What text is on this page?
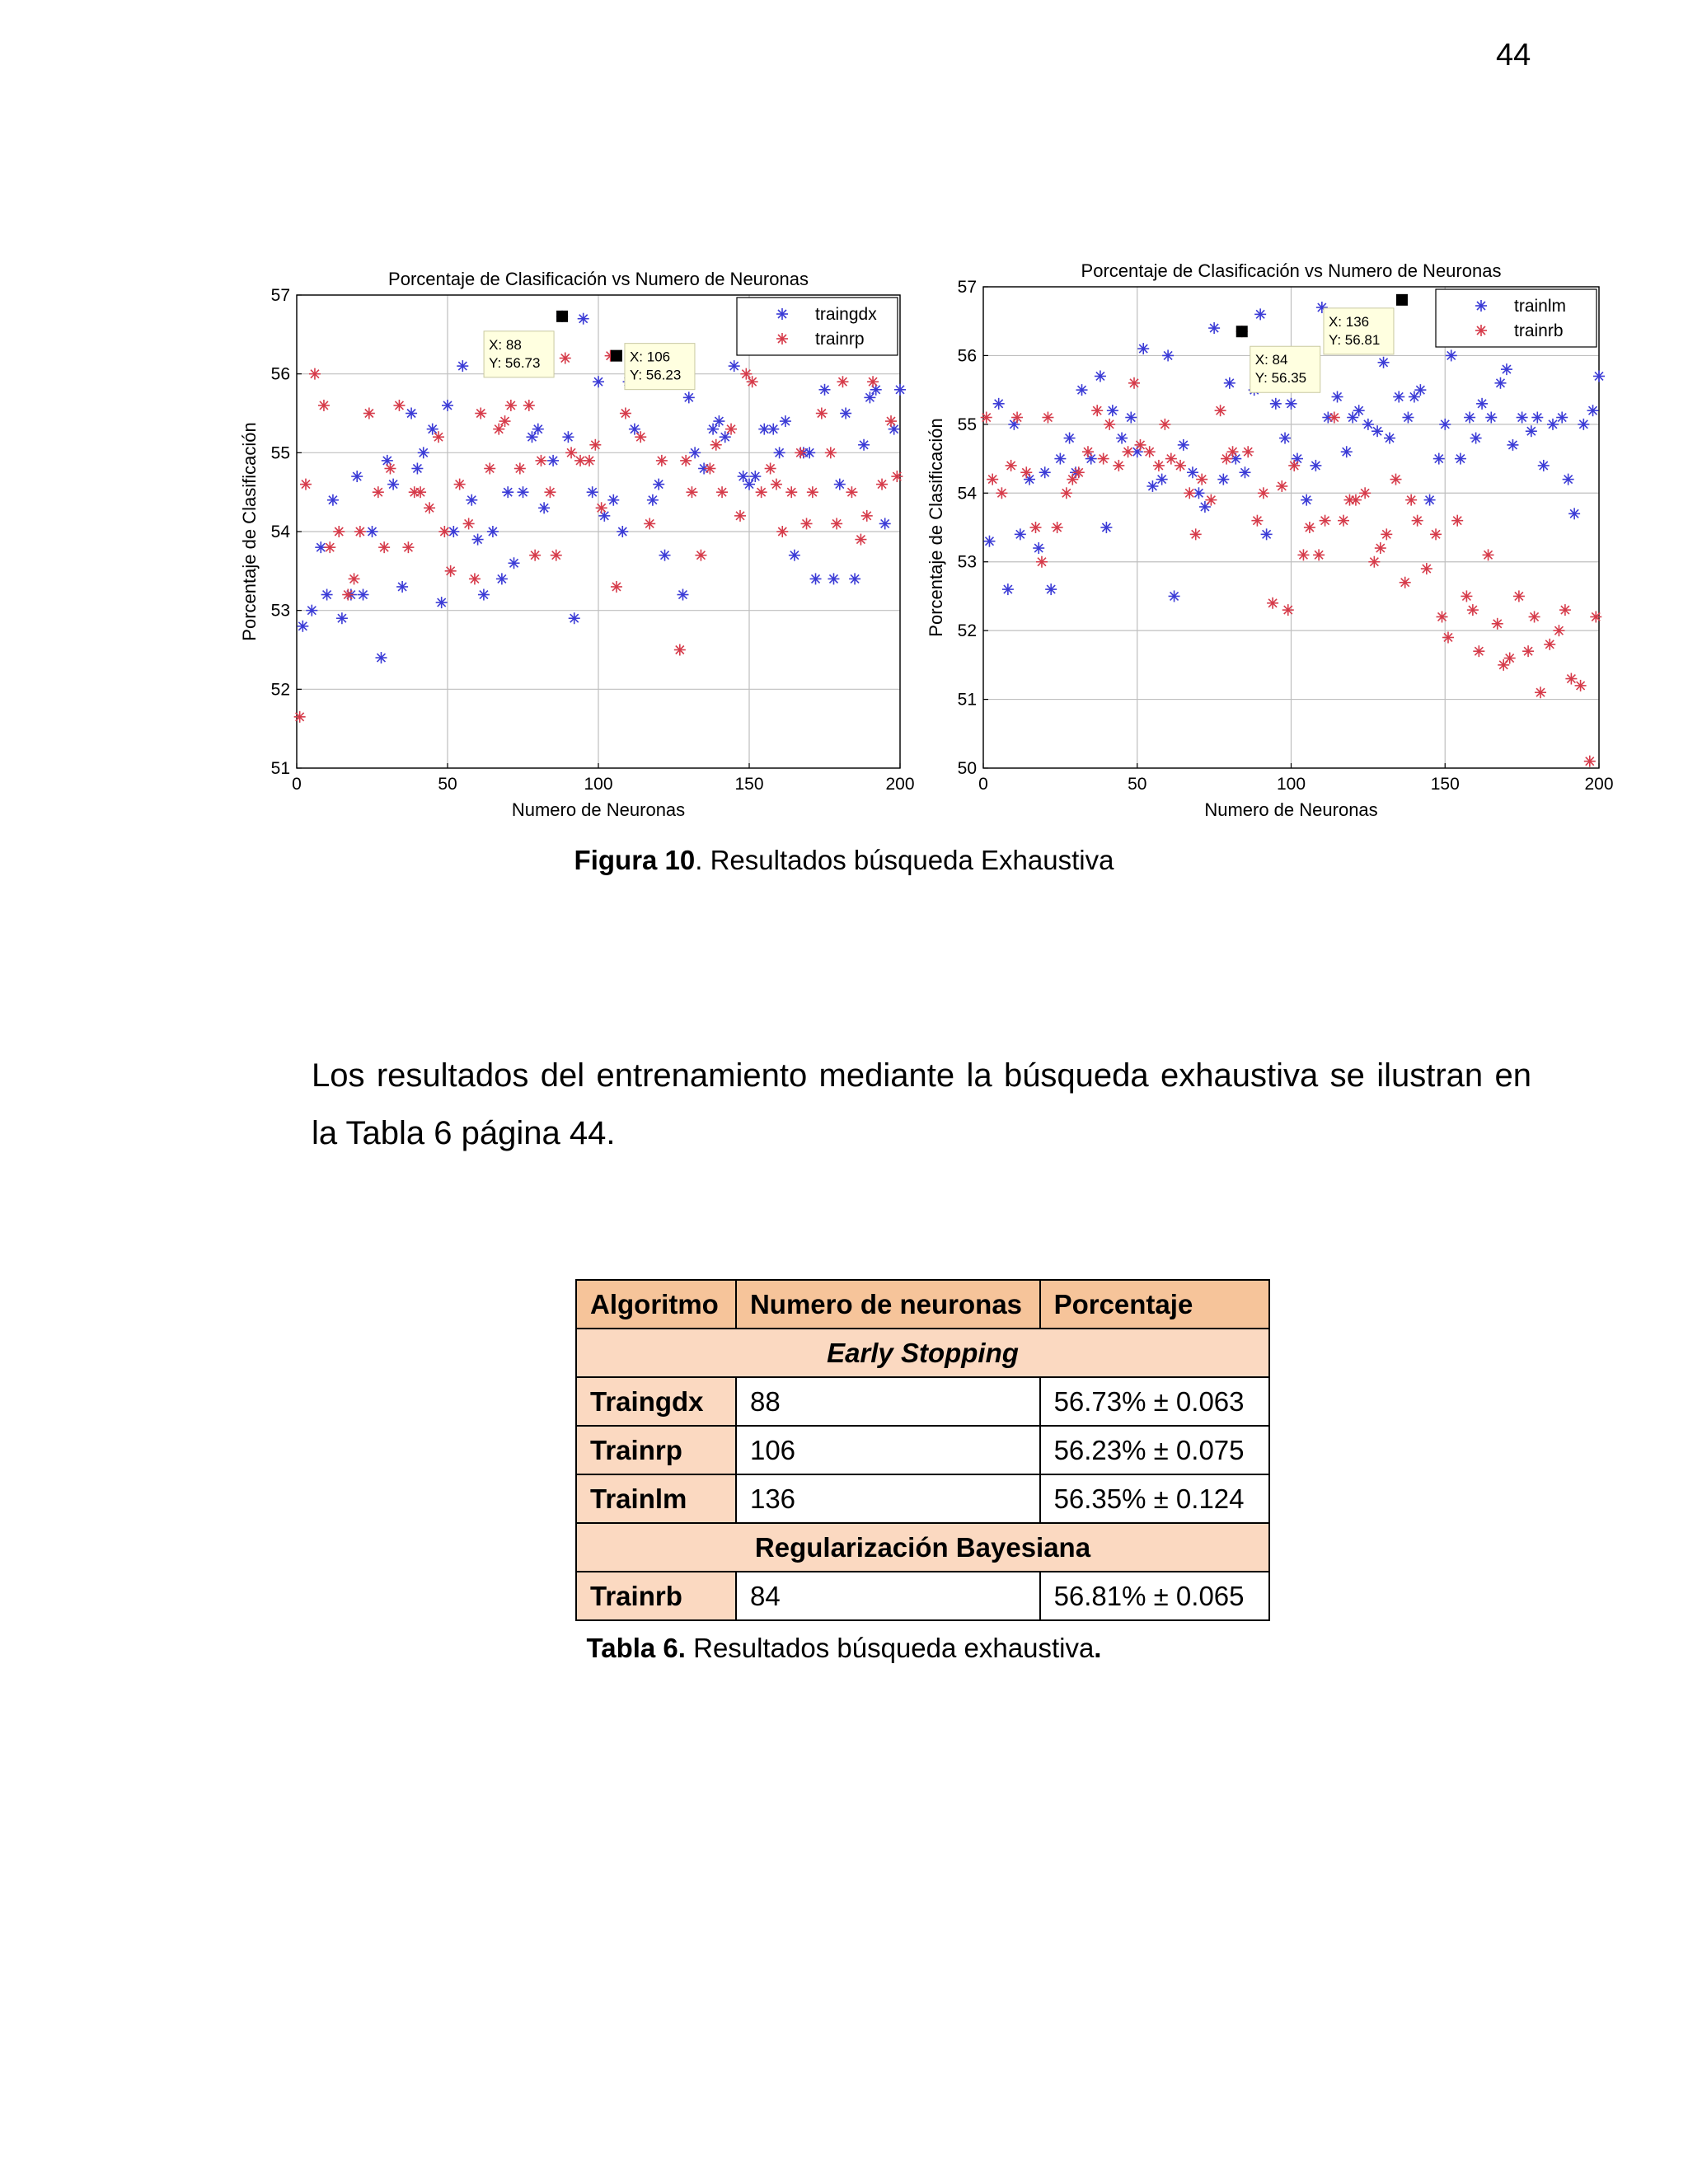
44
0	50	100	150	200
51
52
53
54
55
56
57
Porcentaje de Clasificación vs Numero de Neuronas
Numero de Neuronas
Porcentaje de Clasificación
X: 88
Y: 56.73	X: 106
Y: 56.23
traingdx
trainrp
0	50	100	150	200
50
51
52
53
54
55
56
57
Porcentaje de Clasificación vs Numero de Neuronas
Numero de Neuronas
Porcentaje de Clasificación
X: 84
Y: 56.35
X: 136
Y: 56.81
trainlm
trainrb
Figura 10. Resultados búsqueda Exhaustiva
Los resultados del entrenamiento mediante la búsqueda exhaustiva se ilustran en la Tabla 6 página 44.
Algoritmo	Numero de neuronas	Porcentaje
Early Stopping		
Traingdx	88	56.73% ± 0.063
Trainrp	106	56.23% ± 0.075
Trainlm	136	56.35% ± 0.124
Regularización Bayesiana		
Trainrb	84	56.81% ± 0.065
Tabla 6. Resultados búsqueda exhaustiva.
